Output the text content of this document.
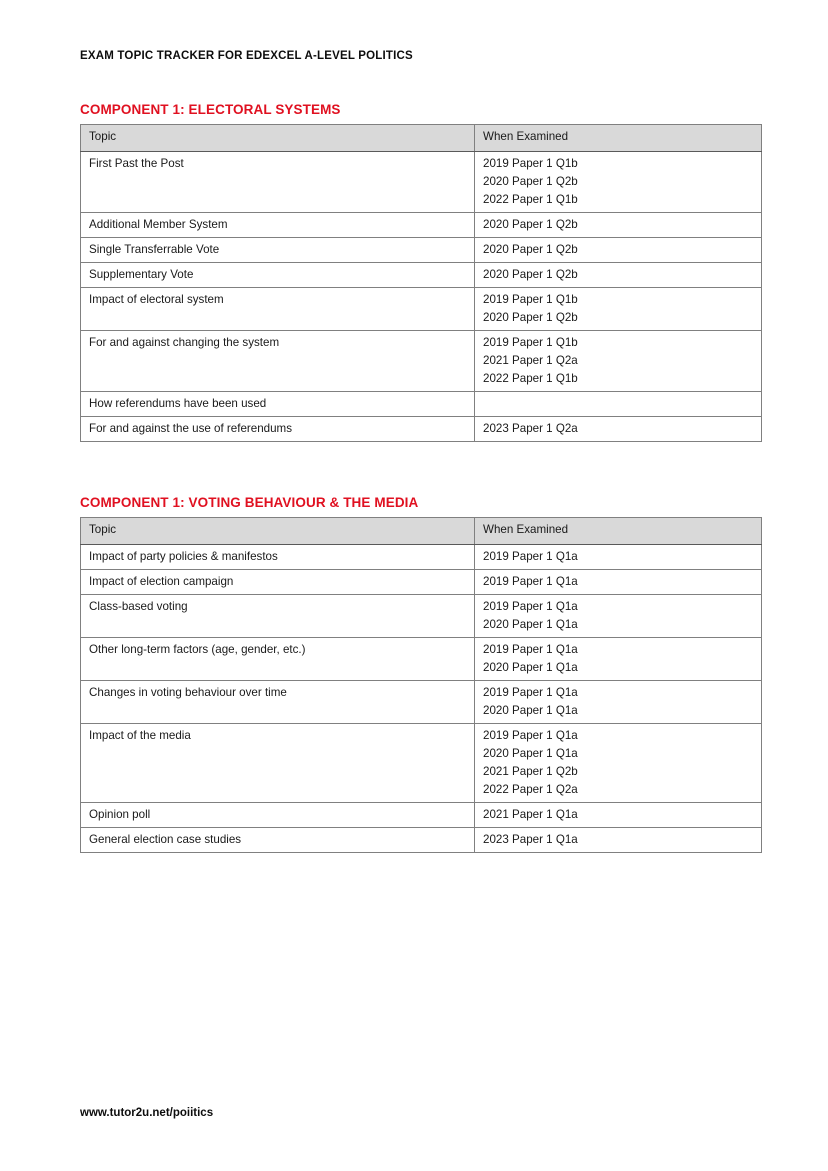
EXAM TOPIC TRACKER FOR EDEXCEL A-LEVEL POLITICS
COMPONENT 1: ELECTORAL SYSTEMS
Topic	When Examined
First Past the Post	2019 Paper 1 Q1b
2020 Paper 1 Q2b
2022 Paper 1 Q1b

Additional Member System	2020 Paper 1 Q2b

Single Transferrable Vote	2020 Paper 1 Q2b

Supplementary Vote	2020 Paper 1 Q2b

Impact of electoral system	2019 Paper 1 Q1b
2020 Paper 1 Q2b

For and against changing the system	2019 Paper 1 Q1b
2021 Paper 1 Q2a
2022 Paper 1 Q1b

How referendums have been used	
For and against the use of referendums	2023 Paper 1 Q2a
COMPONENT 1: VOTING BEHAVIOUR & THE MEDIA
Topic	When Examined
Impact of party policies & manifestos	2019 Paper 1 Q1a

Impact of election campaign	2019 Paper 1 Q1a

Class-based voting	2019 Paper 1 Q1a
2020 Paper 1 Q1a

Other long-term factors (age, gender, etc.)	2019 Paper 1 Q1a
2020 Paper 1 Q1a

Changes in voting behaviour over time	2019 Paper 1 Q1a
2020 Paper 1 Q1a

Impact of the media	2019 Paper 1 Q1a
2020 Paper 1 Q1a
2021 Paper 1 Q2b
2022 Paper 1 Q2a

Opinion poll	2021 Paper 1 Q1a

General election case studies	2023 Paper 1 Q1a
www.tutor2u.net/poiitics
